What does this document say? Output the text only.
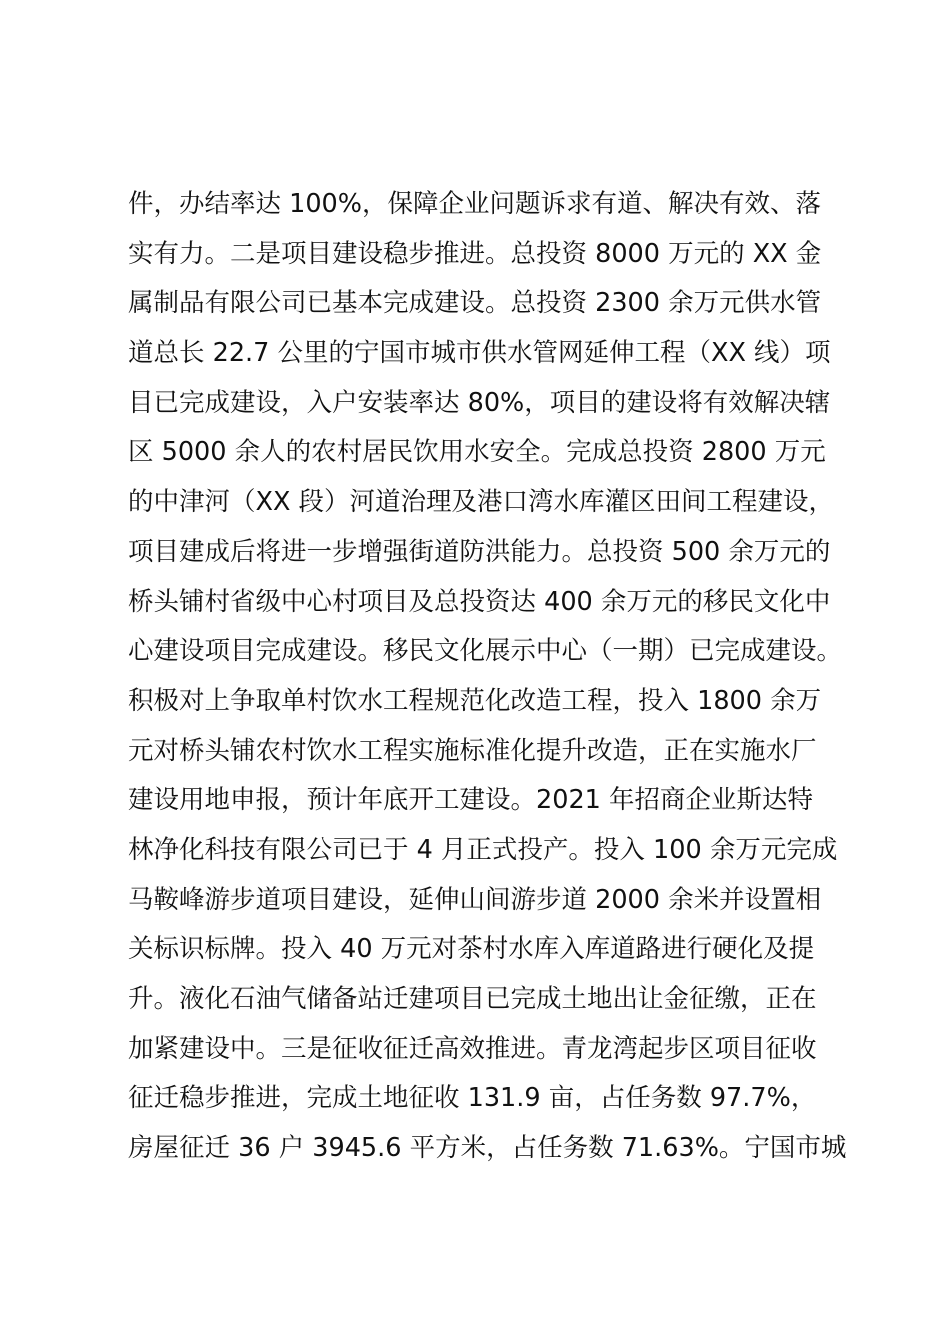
件，办结率达 100%，保障企业问题诉求有道、解决有效、落
实有力。二是项目建设稳步推进。总投资 8000 万元的 XX 金
属制品有限公司已基本完成建设。总投资 2300 余万元供水管
道总长 22.7 公里的宁国市城市供水管网延伸工程（XX 线）项
目已完成建设，入户安装率达 80%，项目的建设将有效解决辖
区 5000 余人的农村居民饮用水安全。完成总投资 2800 万元
的中津河（XX 段）河道治理及港口湾水库灌区田间工程建设，
项目建成后将进一步增强街道防洪能力。总投资 500 余万元的
桥头铺村省级中心村项目及总投资达 400 余万元的移民文化中
心建设项目完成建设。移民文化展示中心（一期）已完成建设。
积极对上争取单村饮水工程规范化改造工程，投入 1800 余万
元对桥头铺农村饮水工程实施标准化提升改造，正在实施水厂
建设用地申报，预计年底开工建设。2021 年招商企业斯达特
林净化科技有限公司已于 4 月正式投产。投入 100 余万元完成
马鞍峰游步道项目建设，延伸山间游步道 2000 余米并设置相
关标识标牌。投入 40 万元对茶村水库入库道路进行硬化及提
升。液化石油气储备站迁建项目已完成土地出让金征缴，正在
加紧建设中。三是征收征迁高效推进。青龙湾起步区项目征收
征迁稳步推进，完成土地征收 131.9 亩，占任务数 97.7%，
房屋征迁 36 户 3945.6 平方米，占任务数 71.63%。宁国市城
